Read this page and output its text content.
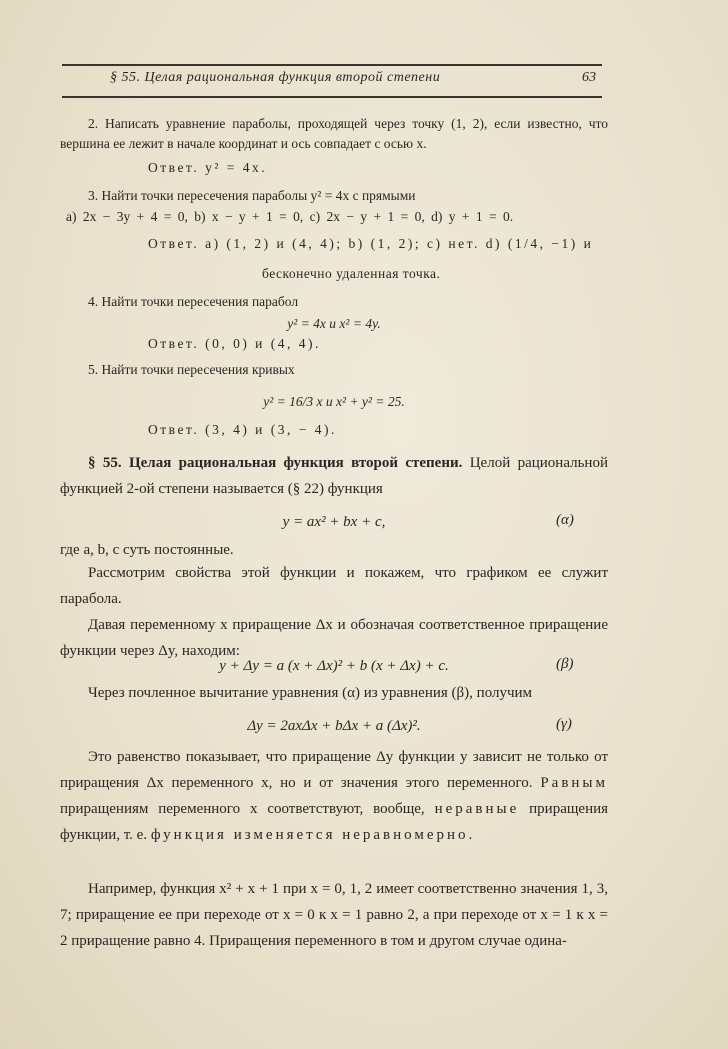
§ 55. Целая рациональная функция второй степени	63

2. Написать уравнение параболы, проходящей через точку (1, 2), если известно, что вершина ее лежит в начале координат и ось совпадает с осью x.

Ответ. y² = 4x.

3. Найти точки пересечения параболы y² = 4x с прямыми

a) 2x − 3y + 4 = 0, b) x − y + 1 = 0, c) 2x − y + 1 = 0, d) y + 1 = 0.

Ответ. a) (1, 2) и (4, 4); b) (1, 2); c) нет. d) (1/4, −1) и

бесконечно удаленная точка.

4. Найти точки пересечения парабол

y² = 4x и x² = 4y.

Ответ. (0, 0) и (4, 4).

5. Найти точки пересечения кривых

y² = 16/3 x и x² + y² = 25.

Ответ. (3, 4) и (3, − 4).

§ 55. Целая рациональная функция второй степени. Целой рациональной функцией 2-ой степени называется (§ 22) функция

y = ax² + bx + c,	(α)

где a, b, c суть постоянные.

Рассмотрим свойства этой функции и покажем, что графиком ее служит парабола.

Давая переменному x приращение Δx и обозначая соответственное приращение функции через Δy, находим:

y + Δy = a (x + Δx)² + b (x + Δx) + c.	(β)

Через почленное вычитание уравнения (α) из уравнения (β), получим

Δy = 2axΔx + bΔx + a (Δx)².	(γ)
Это равенство показывает, что приращение Δy функции y зависит не только от приращения Δx переменного x, но и от значения этого переменного. Равным приращениям переменного x соответствуют, вообще, неравные приращения функции, т. е. функция изменяется неравномерно.

Например, функция x² + x + 1 при x = 0, 1, 2 имеет соответственно значения 1, 3, 7; приращение ее при переходе от x = 0 к x = 1 равно 2, а при переходе от x = 1 к x = 2 приращение равно 4. Приращения переменного в том и другом случае одина-
